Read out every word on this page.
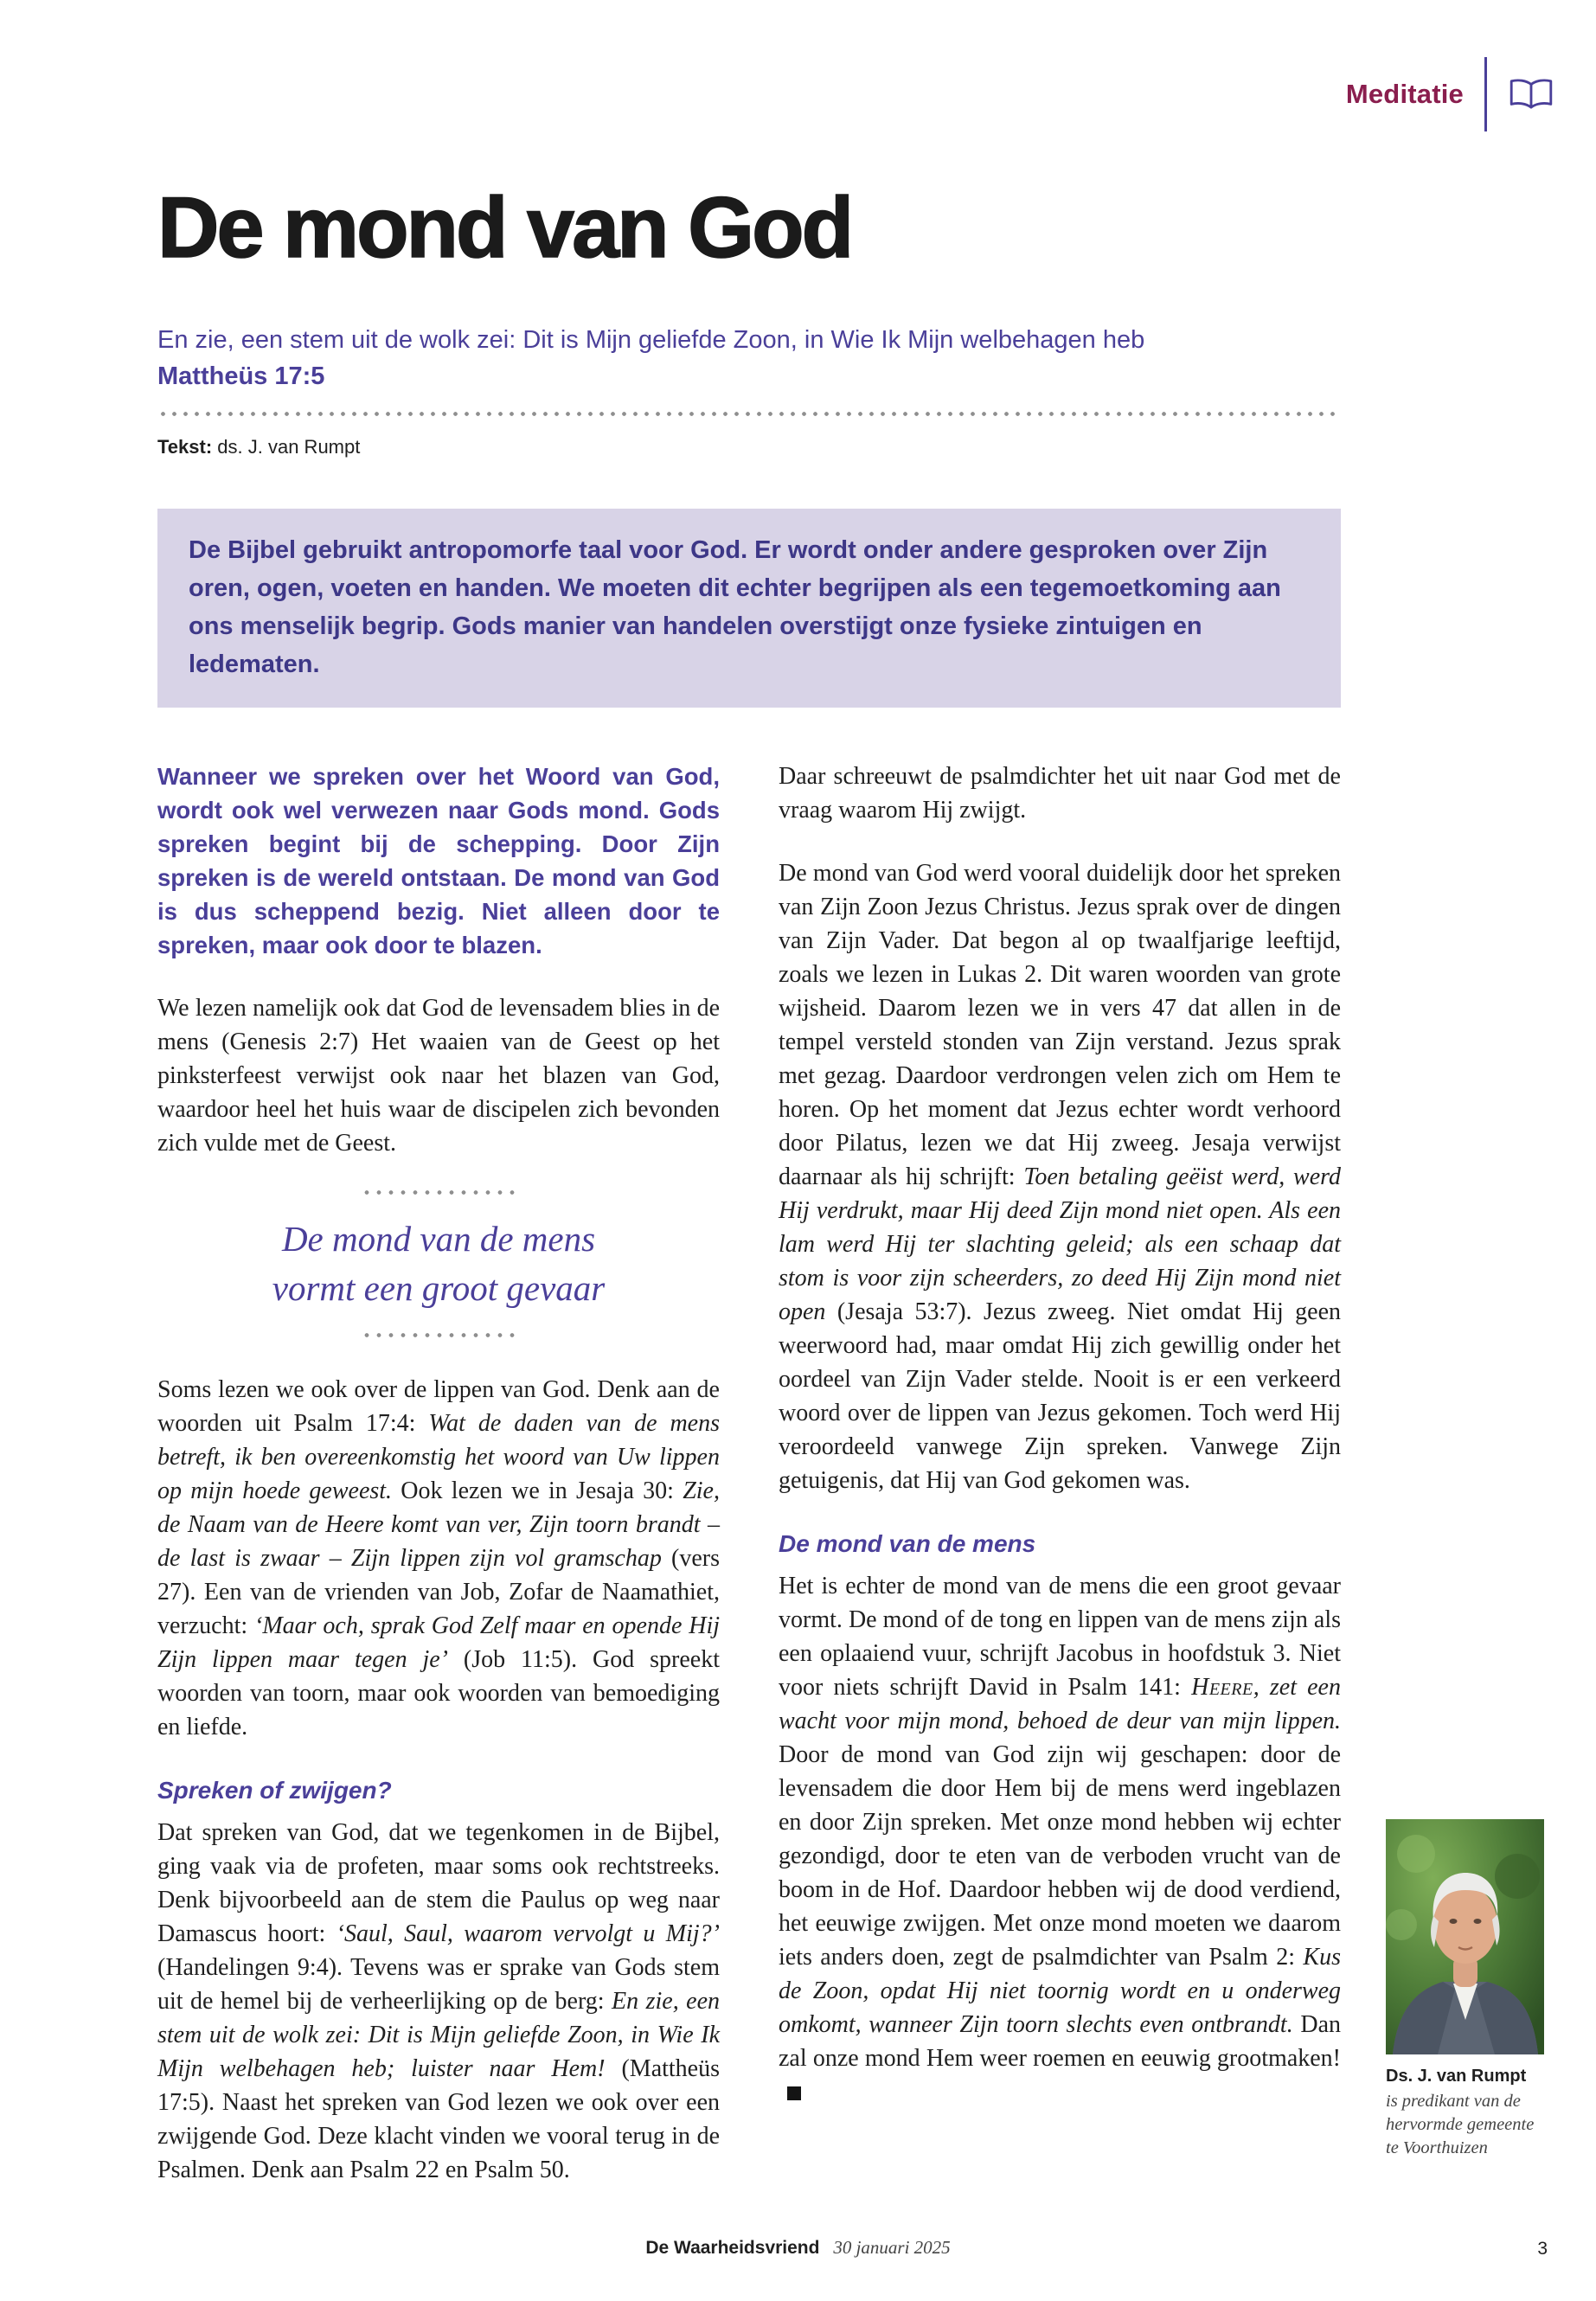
Meditatie
De mond van God
En zie, een stem uit de wolk zei: Dit is Mijn geliefde Zoon, in Wie Ik Mijn welbehagen heb
Mattheüs 17:5
Tekst: ds. J. van Rumpt
De Bijbel gebruikt antropomorfe taal voor God. Er wordt onder andere gesproken over Zijn oren, ogen, voeten en handen. We moeten dit echter begrijpen als een tegemoetkoming aan ons menselijk begrip. Gods manier van handelen overstijgt onze fysieke zintuigen en ledematen.

Wanneer we spreken over het Woord van God, wordt ook wel verwezen naar Gods mond. Gods spreken begint bij de schepping. Door Zijn spreken is de wereld ontstaan. De mond van God is dus scheppend bezig. Niet alleen door te spreken, maar ook door te blazen.

We lezen namelijk ook dat God de levensadem blies in de mens (Genesis 2:7) Het waaien van de Geest op het pinksterfeest verwijst ook naar het blazen van God, waardoor heel het huis waar de discipelen zich bevonden zich vulde met de Geest.

De mond van de mens
vormt een groot gevaar

Soms lezen we ook over de lippen van God. Denk aan de woorden uit Psalm 17:4: Wat de daden van de mens betreft, ik ben overeenkomstig het woord van Uw lippen op mijn hoede geweest. Ook lezen we in Jesaja 30: Zie, de Naam van de Heere komt van ver, Zijn toorn brandt – de last is zwaar – Zijn lippen zijn vol gramschap (vers 27). Een van de vrienden van Job, Zofar de Naamathiet, verzucht: ‘Maar och, sprak God Zelf maar en opende Hij Zijn lippen maar tegen je’ (Job 11:5). God spreekt woorden van toorn, maar ook woorden van bemoediging en liefde.

Spreken of zwijgen?

Dat spreken van God, dat we tegenkomen in de Bijbel, ging vaak via de profeten, maar soms ook rechtstreeks. Denk bijvoorbeeld aan de stem die Paulus op weg naar Damascus hoort: ‘Saul, Saul, waarom vervolgt u Mij?’ (Handelingen 9:4). Tevens was er sprake van Gods stem uit de hemel bij de verheerlijking op de berg: En zie, een stem uit de wolk zei: Dit is Mijn geliefde Zoon, in Wie Ik Mijn welbehagen heb; luister naar Hem! (Mattheüs 17:5). Naast het spreken van God lezen we ook over een zwijgende God. Deze klacht vinden we vooral terug in de Psalmen. Denk aan Psalm 22 en Psalm 50.

Daar schreeuwt de psalmdichter het uit naar God met de vraag waarom Hij zwijgt.

De mond van God werd vooral duidelijk door het spreken van Zijn Zoon Jezus Christus. Jezus sprak over de dingen van Zijn Vader. Dat begon al op twaalfjarige leeftijd, zoals we lezen in Lukas 2. Dit waren woorden van grote wijsheid. Daarom lezen we in vers 47 dat allen in de tempel versteld stonden van Zijn verstand. Jezus sprak met gezag. Daardoor verdrongen velen zich om Hem te horen. Op het moment dat Jezus echter wordt verhoord door Pilatus, lezen we dat Hij zweeg. Jesaja verwijst daarnaar als hij schrijft: Toen betaling geëist werd, werd Hij verdrukt, maar Hij deed Zijn mond niet open. Als een lam werd Hij ter slachting geleid; als een schaap dat stom is voor zijn scheerders, zo deed Hij Zijn mond niet open (Jesaja 53:7). Jezus zweeg. Niet omdat Hij geen weerwoord had, maar omdat Hij zich gewillig onder het oordeel van Zijn Vader stelde. Nooit is er een verkeerd woord over de lippen van Jezus gekomen. Toch werd Hij veroordeeld vanwege Zijn spreken. Vanwege Zijn getuigenis, dat Hij van God gekomen was.

De mond van de mens

Het is echter de mond van de mens die een groot gevaar vormt. De mond of de tong en lippen van de mens zijn als een oplaaiend vuur, schrijft Jacobus in hoofdstuk 3. Niet voor niets schrijft David in Psalm 141: Heere, zet een wacht voor mijn mond, behoed de deur van mijn lippen. Door de mond van God zijn wij geschapen: door de levensadem die door Hem bij de mens werd ingeblazen en door Zijn spreken. Met onze mond hebben wij echter gezondigd, door te eten van de verboden vrucht van de boom in de Hof. Daardoor hebben wij de dood verdiend, het eeuwige zwijgen. Met onze mond moeten we daarom iets anders doen, zegt de psalmdichter van Psalm 2: Kus de Zoon, opdat Hij niet toornig wordt en u onderweg omkomt, wanneer Zijn toorn slechts even ontbrandt. Dan zal onze mond Hem weer roemen en eeuwig grootmaken!

Ds. J. van Rumpt
is predikant van de hervormde gemeente te Voorthuizen
De Waarheidsvriend 30 januari 2025	3
